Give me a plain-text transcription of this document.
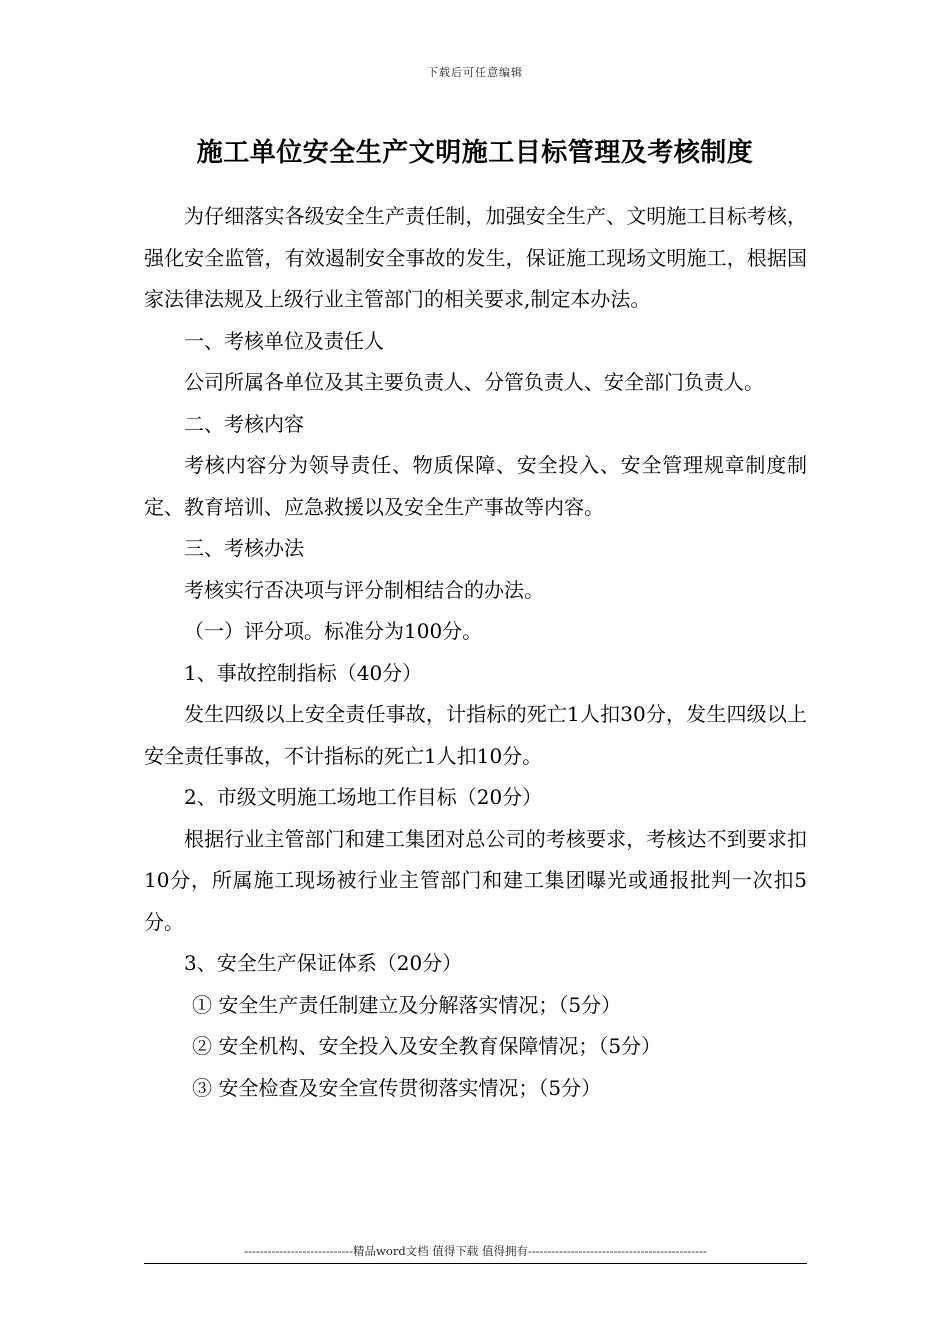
下载后可任意编辑
施工单位安全生产文明施工目标管理及考核制度

为仔细落实各级安全生产责任制，加强安全生产、文明施工目标考核，强化安全监管，有效遏制安全事故的发生，保证施工现场文明施工，根据国家法律法规及上级行业主管部门的相关要求,制定本办法。

一、考核单位及责任人

公司所属各单位及其主要负责人、分管负责人、安全部门负责人。

二、考核内容

考核内容分为领导责任、物质保障、安全投入、安全管理规章制度制定、教育培训、应急救援以及安全生产事故等内容。

三、考核办法

考核实行否决项与评分制相结合的办法。

（一）评分项。标准分为100分。

1、事故控制指标（40分）

发生四级以上安全责任事故，计指标的死亡1人扣30分，发生四级以上安全责任事故，不计指标的死亡1人扣10分。

2、市级文明施工场地工作目标（20分）

根据行业主管部门和建工集团对总公司的考核要求，考核达不到要求扣10分，所属施工现场被行业主管部门和建工集团曝光或通报批判一次扣5分。

3、安全生产保证体系（20分）

① 安全生产责任制建立及分解落实情况；（5分）

② 安全机构、安全投入及安全教育保障情况；（5分）

③ 安全检查及安全宣传贯彻落实情况；（5分）

----------------------------精品word文档 值得下载 值得拥有----------------------------------------------
